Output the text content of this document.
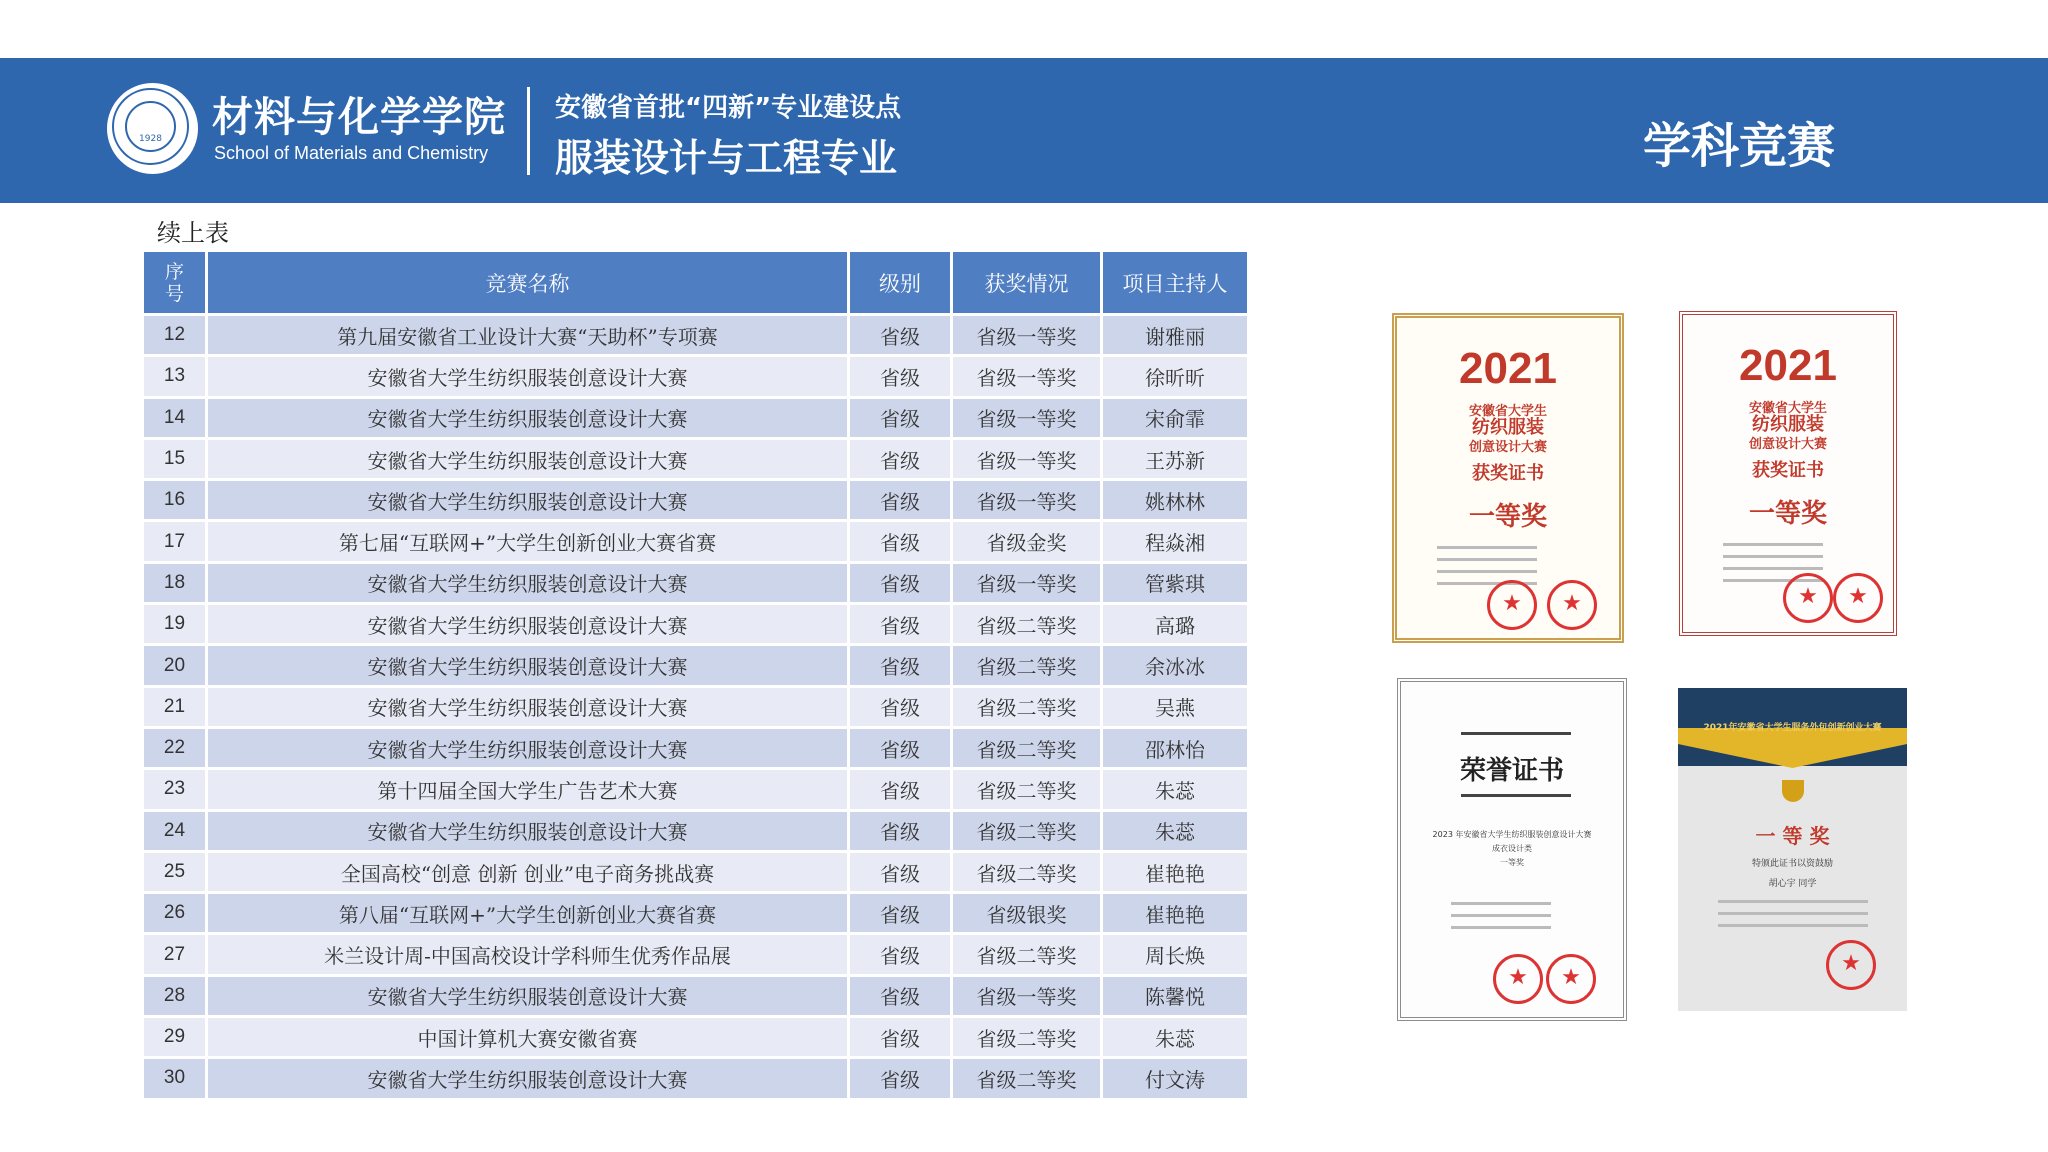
1928	材料与化学学院
School of Materials and Chemistry
安徽省首批“四新”专业建设点
服装设计与工程专业	学科竞赛
续上表
序号	竞赛名称	级别	获奖情况	项目主持人
12	第九届安徽省工业设计大赛“天助杯”专项赛	省级	省级一等奖	谢雅丽
13	安徽省大学生纺织服装创意设计大赛	省级	省级一等奖	徐昕昕
14	安徽省大学生纺织服装创意设计大赛	省级	省级一等奖	宋俞霏
15	安徽省大学生纺织服装创意设计大赛	省级	省级一等奖	王苏新
16	安徽省大学生纺织服装创意设计大赛	省级	省级一等奖	姚林林
17	第七届“互联网+”大学生创新创业大赛省赛	省级	省级金奖	程焱湘
18	安徽省大学生纺织服装创意设计大赛	省级	省级一等奖	管紫琪
19	安徽省大学生纺织服装创意设计大赛	省级	省级二等奖	高璐
20	安徽省大学生纺织服装创意设计大赛	省级	省级二等奖	余冰冰
21	安徽省大学生纺织服装创意设计大赛	省级	省级二等奖	吴燕
22	安徽省大学生纺织服装创意设计大赛	省级	省级二等奖	邵林怡
23	第十四届全国大学生广告艺术大赛	省级	省级二等奖	朱蕊
24	安徽省大学生纺织服装创意设计大赛	省级	省级二等奖	朱蕊
25	全国高校“创意 创新 创业”电子商务挑战赛	省级	省级二等奖	崔艳艳
26	第八届“互联网+”大学生创新创业大赛省赛	省级	省级银奖	崔艳艳
27	米兰设计周-中国高校设计学科师生优秀作品展	省级	省级二等奖	周长焕
28	安徽省大学生纺织服装创意设计大赛	省级	省级一等奖	陈馨悦
29	中国计算机大赛安徽省赛	省级	省级二等奖	朱蕊
30	安徽省大学生纺织服装创意设计大赛	省级	省级二等奖	付文涛
2021
安徽省大学生
纺织服装
创意设计大赛
获奖证书
一等奖
★	★
2021
安徽省大学生
纺织服装
创意设计大赛
获奖证书
一等奖
★	★
荣誉证书
2023 年安徽省大学生纺织服装创意设计大赛
成衣设计类
一等奖
★	★
2021年安徽省大学生服务外包创新创业大赛
一 等 奖
特颁此证书以资鼓励
胡心宇 同学
★
